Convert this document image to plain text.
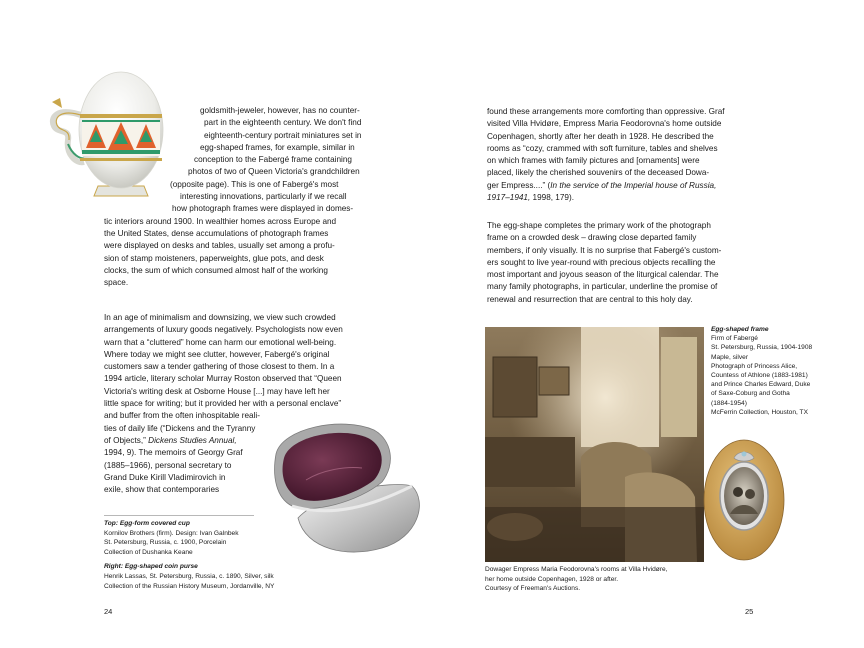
goldsmith-jeweler, however, has no counter-
part in the eighteenth century. We don't find
eighteenth-century portrait miniatures set in
egg-shaped frames, for example, similar in
conception to the Fabergé frame containing
photos of two of Queen Victoria's grandchildren
(opposite page). This is one of Fabergé's most
interesting innovations, particularly if we recall
how photograph frames were displayed in domes-
tic interiors around 1900. In wealthier homes across Europe and
the United States, dense accumulations of photograph frames
were displayed on desks and tables, usually set among a profu-
sion of stamp moisteners, paperweights, glue pots, and desk
clocks, the sum of which consumed almost half of the working
space.

In an age of minimalism and downsizing, we view such crowded
arrangements of luxury goods negatively. Psychologists now even
warn that a “cluttered” home can harm our emotional well-being.
Where today we might see clutter, however, Fabergé's original
customers saw a tender gathering of those closest to them. In a
1994 article, literary scholar Murray Roston observed that “Queen
Victoria's writing desk at Osborne House [...] may have left her
little space for writing; but it provided her with a personal enclave”
and buffer from the often inhospitable reali-
ties of daily life (“Dickens and the Tyranny
of Objects,” Dickens Studies Annual,
1994, 9). The memoirs of Georgy Graf
(1885–1966), personal secretary to
Grand Duke Kirill Vladimirovich in
exile, show that contemporaries

Top: Egg-form covered cup
Kornilov Brothers (firm). Design: Ivan Galnbek
St. Petersburg, Russia, c. 1900, Porcelain
Collection of Dushanka Keane
Right: Egg-shaped coin purse
Henrik Lassas, St. Petersburg, Russia, c. 1890, Silver, silk
Collection of the Russian History Museum, Jordanville, NY
24

found these arrangements more comforting than oppressive. Graf
visited Villa Hvidøre, Empress Maria Feodorovna's home outside
Copenhagen, shortly after her death in 1928. He described the
rooms as “cozy, crammed with soft furniture, tables and shelves
on which frames with family pictures and [ornaments] were
placed, likely the cherished souvenirs of the deceased Dowa-
ger Empress....” (In the service of the Imperial house of Russia,
1917–1941, 1998, 179).

The egg-shape completes the primary work of the photograph
frame on a crowded desk – drawing close departed family
members, if only visually. It is no surprise that Fabergé's custom-
ers sought to live year-round with precious objects recalling the
most important and joyous season of the liturgical calendar. The
many family photographs, in particular, underline the promise of
renewal and resurrection that are central to this holy day.

Egg-shaped frame
Firm of Fabergé
St. Petersburg, Russia, 1904-1908
Maple, silver
Photograph of Princess Alice,
Countess of Athlone (1883-1981)
and Prince Charles Edward, Duke
of Saxe-Coburg and Gotha
(1884-1954)
McFerrin Collection, Houston, TX
Dowager Empress Maria Feodorovna's rooms at Villa Hvidøre,
her home outside Copenhagen, 1928 or after.
Courtesy of Freeman's Auctions.
25
